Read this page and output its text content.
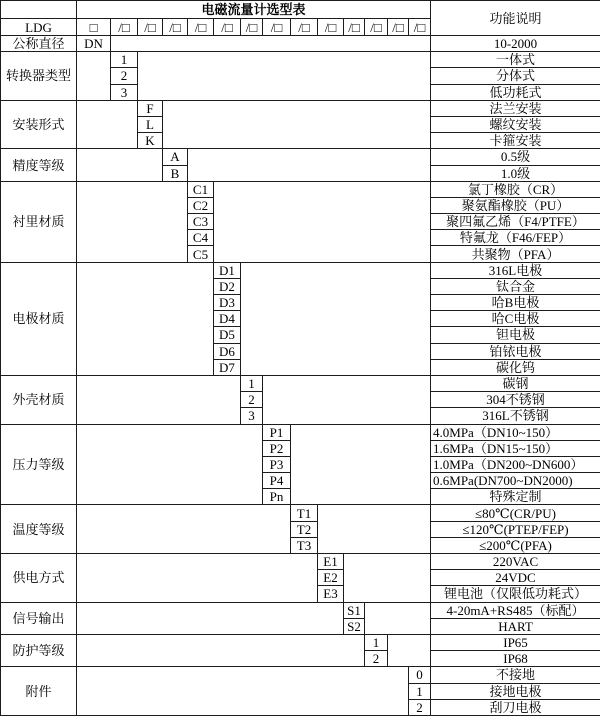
	电磁流量计选型表														功能说明
LDG	□	/□	/□	/□	/□	/□	/□	/□	/□	/□	/□	/□	/□	/□	
公称直径	DN														10-2000
转换器类型		1													一体式
		2													分体式
		3													低功耗式
安装形式			F												法兰安装
			L												螺纹安装
			K												卡箍安装
精度等级				A											0.5级
				B											1.0级
衬里材质					C1										氯丁橡胶（CR）
					C2										聚氨酯橡胶（PU）
					C3										聚四氟乙烯（F4/PTFE）
					C4										特氟龙（F46/FEP）
					C5										共聚物（PFA）
电极材质						D1									316L电极
						D2									钛合金
						D3									哈B电极
						D4									哈C电极
						D5									钽电极
						D6									铂铱电极
						D7									碳化钨
外壳材质							1								碳钢
							2								304不锈钢
							3								316L不锈钢
压力等级								P1							4.0MPa（DN10~150）
								P2							1.6MPa（DN15~150）
								P3							1.0MPa（DN200~DN600）
								P4							0.6MPa(DN700~DN2000)
								Pn							特殊定制
温度等级									T1						≤80℃(CR/PU)
									T2						≤120℃(PTEP/FEP)
									T3						≤200℃(PFA)
供电方式										E1					220VAC
										E2					24VDC
										E3					锂电池（仅限低功耗式）
信号输出											S1				4-20mA+RS485（标配）
											S2				HART
防护等级												1			IP65
												2			IP68
附件														0	不接地
														1	接地电极
														2	刮刀电极
